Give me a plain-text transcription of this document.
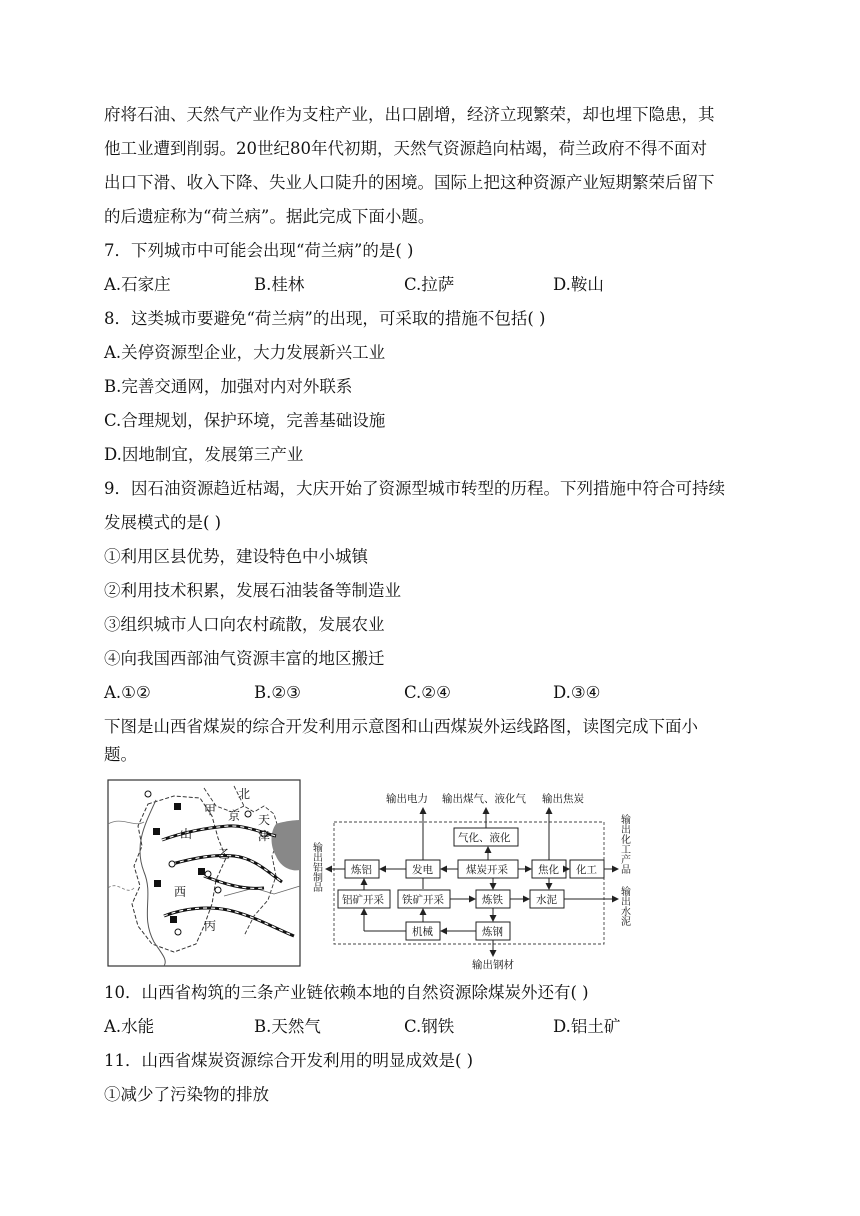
府将石油、天然气产业作为支柱产业，出口剧增，经济立现繁荣，却也埋下隐患，其
他工业遭到削弱。20世纪80年代初期，天然气资源趋向枯竭，荷兰政府不得不面对
出口下滑、收入下降、失业人口陡升的困境。国际上把这种资源产业短期繁荣后留下
的后遗症称为“荷兰病”。据此完成下面小题。
7．下列城市中可能会出现“荷兰病”的是( )
A.石家庄	B.桂林	C.拉萨	D.鞍山
8．这类城市要避免“荷兰病”的出现，可采取的措施不包括( )
A.关停资源型企业，大力发展新兴工业
B.完善交通网，加强对内对外联系
C.合理规划，保护环境，完善基础设施
D.因地制宜，发展第三产业
9．因石油资源趋近枯竭，大庆开始了资源型城市转型的历程。下列措施中符合可持续
发展模式的是( )
①利用区县优势，建设特色中小城镇
②利用技术积累，发展石油装备等制造业
③组织城市人口向农村疏散，发展农业
④向我国西部油气资源丰富的地区搬迁
A.①②	B.②③	C.②④	D.③④
下图是山西省煤炭的综合开发利用示意图和山西煤炭外运线路图，读图完成下面小
题。
北
京
甲
天
津
山
乙
西
丙
输出电力 输出煤气、液化气 输出焦炭
输出铝制品	输出化工产品
输出水泥
输出钢材
气化、液化
炼铝	发电	煤炭开采	焦化 化工
铝矿开采 铁矿开采	炼铁	水泥
机械	炼钢
10．山西省构筑的三条产业链依赖本地的自然资源除煤炭外还有( )
A.水能	B.天然气	C.钢铁	D.铝土矿
11．山西省煤炭资源综合开发利用的明显成效是( )
①减少了污染物的排放
